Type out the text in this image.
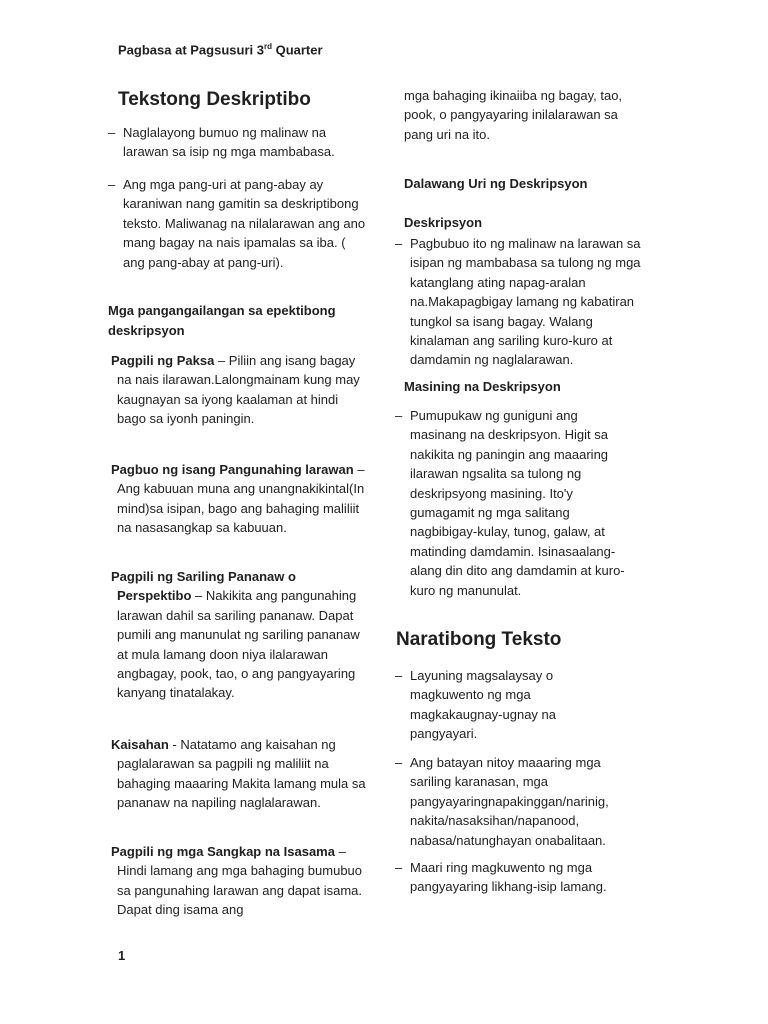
Pagbasa at Pagsusuri 3rd Quarter
Tekstong Deskriptibo
– Naglalayong bumuo ng malinaw na larawan sa isip ng mga mambabasa.
– Ang mga pang-uri at pang-abay ay karaniwan nang gamitin sa deskriptibong teksto. Maliwanag na nilalarawan ang ano mang bagay na nais ipamalas sa iba. ( ang pang-abay at pang-uri).
Mga pangangailangan sa epektibong deskripsyon
Pagpili ng Paksa – Piliin ang isang bagay na nais ilarawan.Lalongmainam kung may kaugnayan sa iyong kaalaman at hindi bago sa iyonh paningin.
Pagbuo ng isang Pangunahing larawan – Ang kabuuan muna ang unangnakikintal(In mind)sa isipan, bago ang bahaging maliliit na nasasangkap sa kabuuan.
Pagpili ng Sariling Pananaw o Perspektibo – Nakikita ang pangunahing larawan dahil sa sariling pananaw. Dapat pumili ang manunulat ng sariling pananaw at mula lamang doon niya ilalarawan angbagay, pook, tao, o ang pangyayaring kanyang tinatalakay.
Kaisahan - Natatamo ang kaisahan ng paglalarawan sa pagpili ng maliliit na bahaging maaaring Makita lamang mula sa pananaw na napiling naglalarawan.
Pagpili ng mga Sangkap na Isasama – Hindi lamang ang mga bahaging bumubuo sa pangunahing larawan ang dapat isama. Dapat ding isama ang
1
mga bahaging ikinaiiba ng bagay, tao, pook, o pangyayaring inilalarawan sa pang uri na ito.
Dalawang Uri ng Deskripsyon
Deskripsyon
– Pagbubuo ito ng malinaw na larawan sa isipan ng mambabasa sa tulong ng mga katanglang ating napag-aralan na.Makapagbigay lamang ng kabatiran tungkol sa isang bagay. Walang kinalaman ang sariling kuro-kuro at damdamin ng naglalarawan.
Masining na Deskripsyon
– Pumupukaw ng guniguni ang masinang na deskripsyon. Higit sa nakikita ng paningin ang maaaring ilarawan ngsalita sa tulong ng deskripsyong masining. Ito'y gumagamit ng mga salitang nagbibigay-kulay, tunog, galaw, at matinding damdamin. Isinasaalang-alang din dito ang damdamin at kuro-kuro ng manunulat.
Naratibong Teksto
– Layuning magsalaysay o magkuwento ng mga magkakaugnay-ugnay na pangyayari.
– Ang batayan nitoy maaaring mga sariling karanasan, mga pangyayaringnapakinggan/narinig, nakita/nasaksihan/napanood, nabasa/natunghayan onabalitaan.
– Maari ring magkuwento ng mga pangyayaring likhang-isip lamang.
